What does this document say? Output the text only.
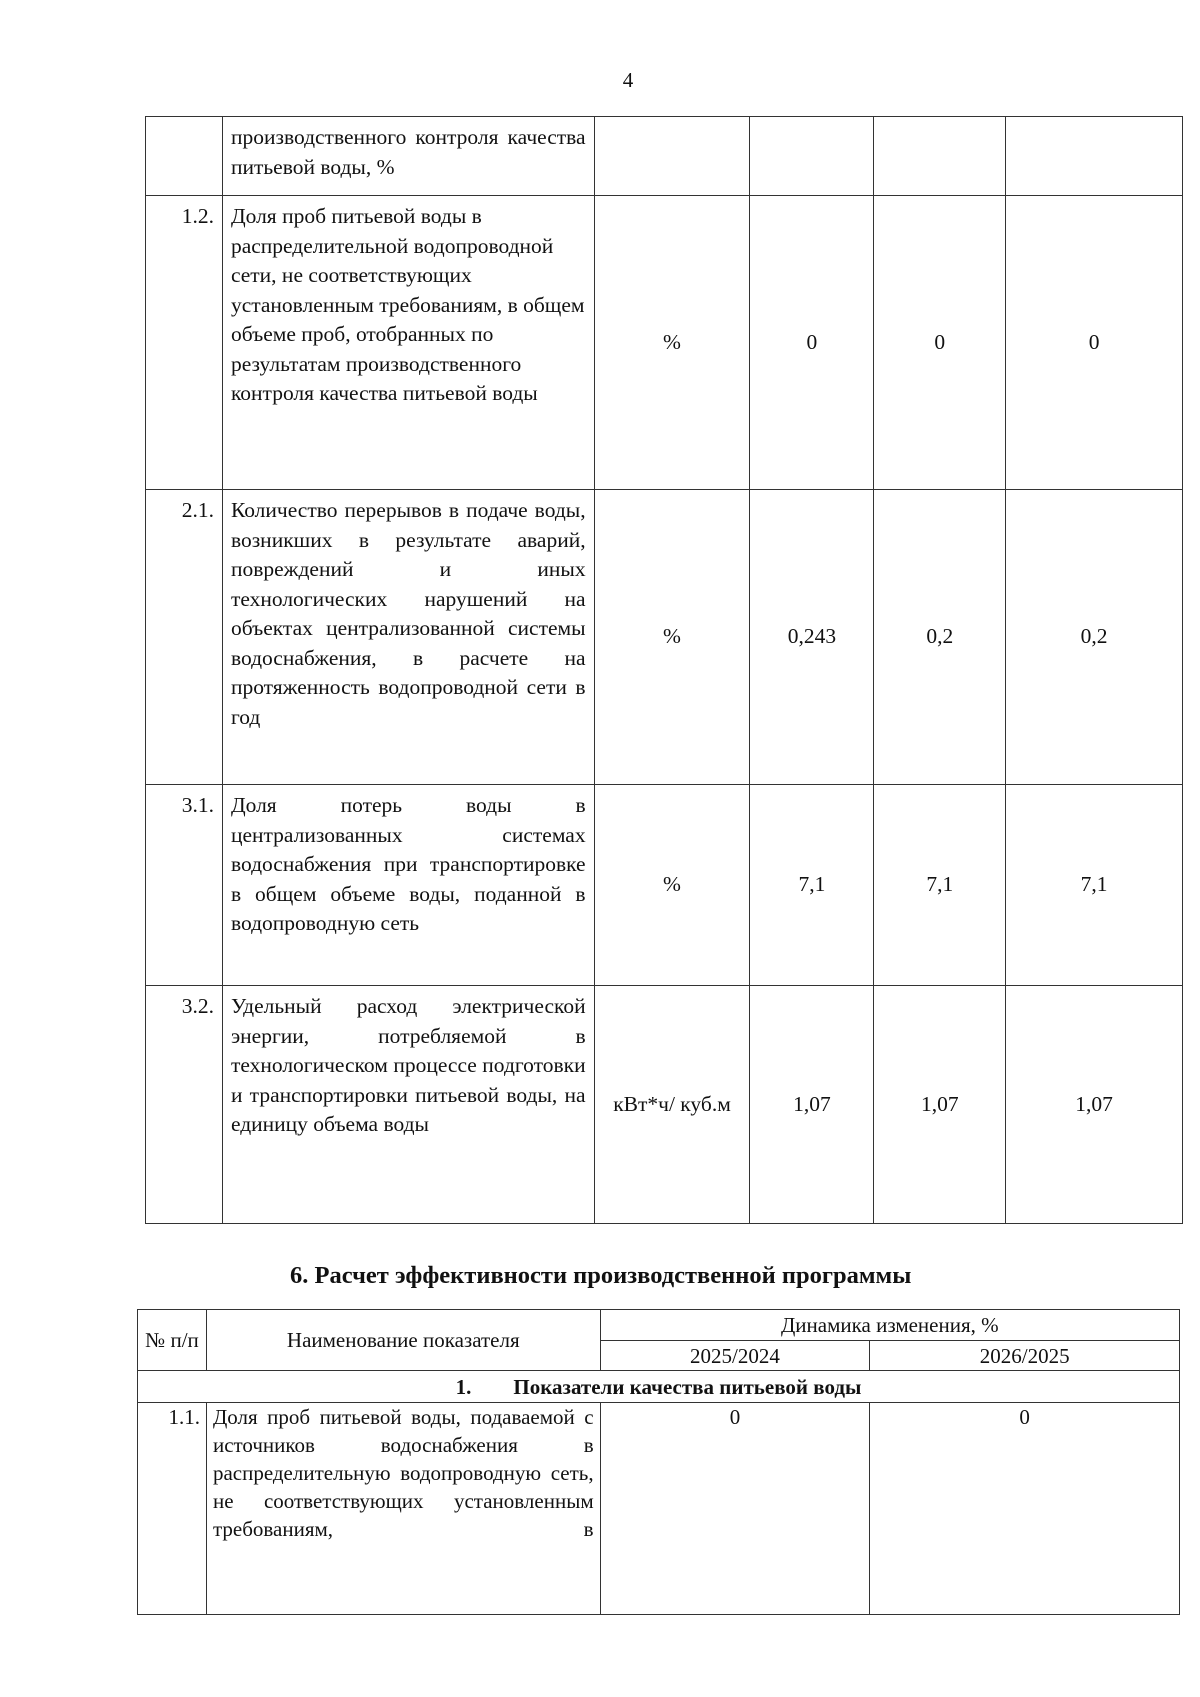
4
	производственного контроля качества питьевой воды, %				
1.2.	Доля проб питьевой воды в распределительной водопроводной сети, не соответствующих установленным требованиям, в общем объеме проб, отобранных по результатам производственного контроля качества питьевой воды	%	0	0	0
2.1.	Количество перерывов в подаче воды, возникших в результате аварий, повреждений и иных технологических нарушений на объектах централизованной системы водоснабжения, в расчете на протяженность водопроводной сети в год	%	0,243	0,2	0,2
3.1.	Доля потерь воды в централизованных системах водоснабжения при транспортировке в общем объеме воды, поданной в водопроводную сеть	%	7,1	7,1	7,1
3.2.	Удельный расход электрической энергии, потребляемой в технологическом процессе подготовки и транспортировки питьевой воды, на единицу объема воды	кВт*ч/ куб.м	1,07	1,07	1,07
6. Расчет эффективности производственной программы
№ п/п	Наименование показателя	Динамика изменения, %	
		2025/2024	2026/2025
1.        Показатели качества питьевой воды			
1.1.	Доля проб питьевой воды, подаваемой с источников водоснабжения в распределительную водопроводную сеть, не соответствующих установленным требованиям, в	0	0
